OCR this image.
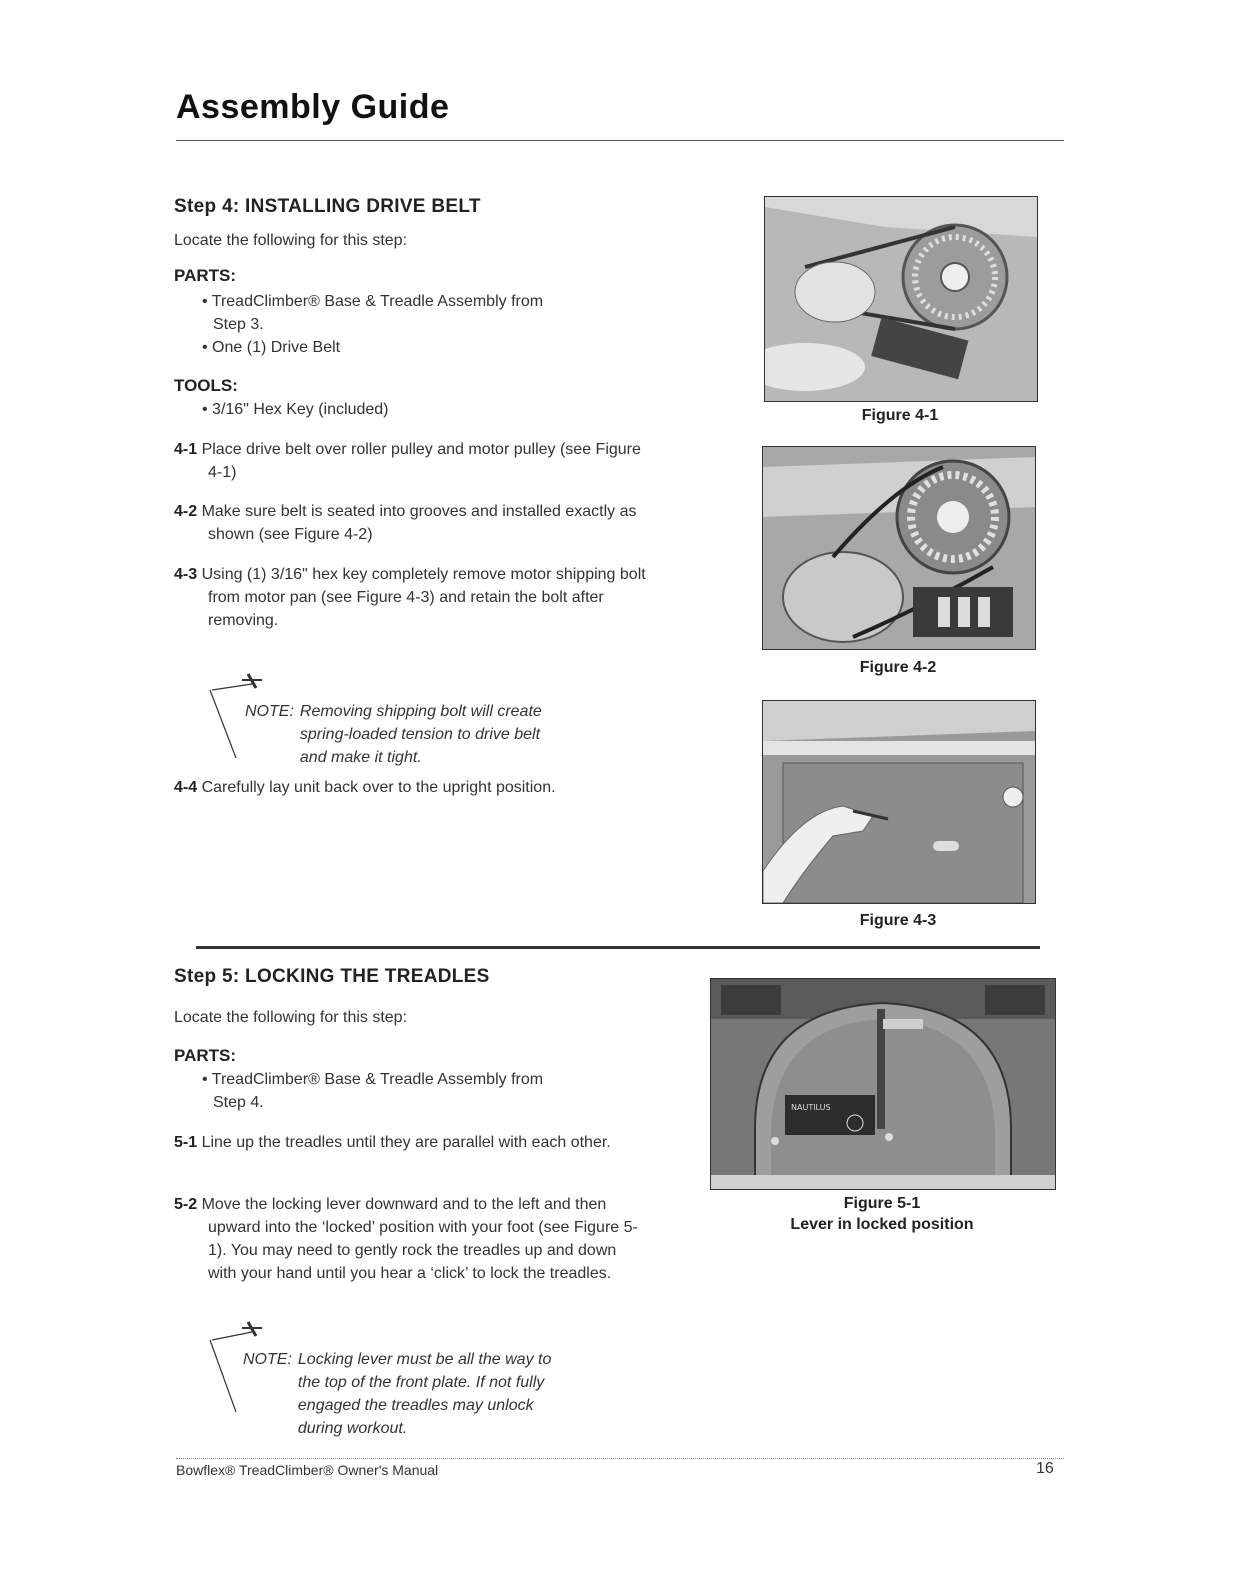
Assembly Guide
Step 4: INSTALLING DRIVE BELT
Locate the following for this step:
PARTS:
• TreadClimber® Base & Treadle Assembly from
Step 3.
• One (1) Drive Belt
TOOLS:
• 3/16" Hex Key (included)
4-1 Place drive belt over roller pulley and motor pulley (see Figure 4-1)
4-2 Make sure belt is seated into grooves and installed exactly as shown (see Figure 4-2)
4-3 Using (1) 3/16" hex key completely remove motor shipping bolt from motor pan (see Figure 4-3) and retain the bolt after removing.
NOTE: Removing shipping bolt will create
spring-loaded tension to drive belt
and make it tight.
4-4 Carefully lay unit back over to the upright position.
Figure 4-1
Figure 4-2
Figure 4-3
Step 5: LOCKING THE TREADLES
Locate the following for this step:
PARTS:
• TreadClimber® Base & Treadle Assembly from
Step 4.
5-1 Line up the treadles until they are parallel with each other.
5-2 Move the locking lever downward and to the left and then upward into the ‘locked’ position with your foot (see Figure 5-1). You may need to gently rock the treadles up and down with your hand until you hear a ‘click’ to lock the treadles.
NOTE: Locking lever must be all the way to
the top of the front plate. If not fully
engaged the treadles may unlock
during workout.
NAUTILUS
Figure 5-1
Lever in locked position
Bowflex® TreadClimber® Owner's Manual	16
